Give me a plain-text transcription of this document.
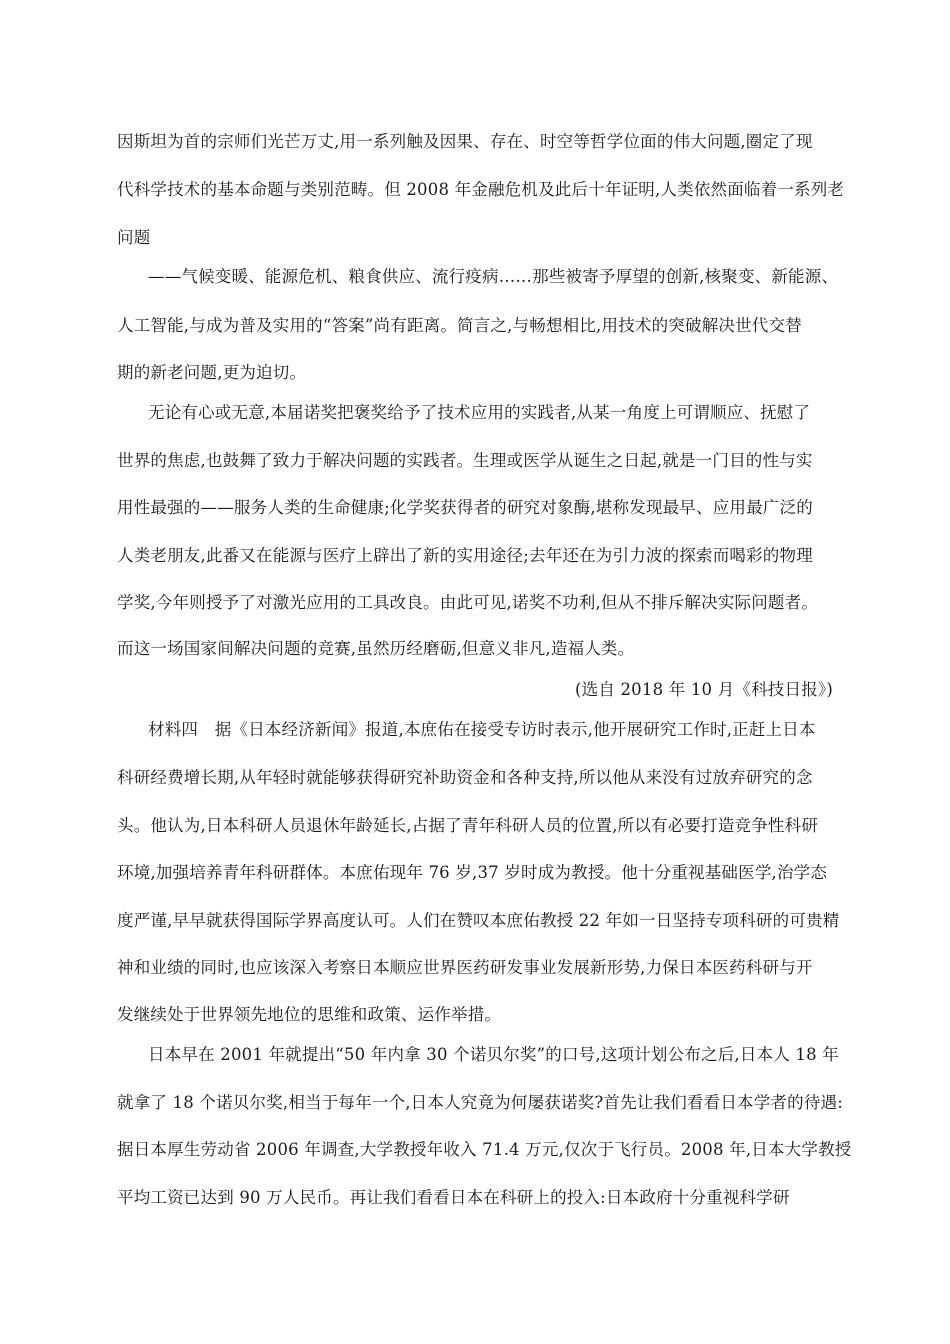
因斯坦为首的宗师们光芒万丈,用一系列触及因果、存在、时空等哲学位面的伟大问题,圈定了现
代科学技术的基本命题与类别范畴。但 2008 年金融危机及此后十年证明,人类依然面临着一系列老
问题
——气候变暖、能源危机、粮食供应、流行疫病……那些被寄予厚望的创新,核聚变、新能源、
人工智能,与成为普及实用的“答案”尚有距离。简言之,与畅想相比,用技术的突破解决世代交替
期的新老问题,更为迫切。
无论有心或无意,本届诺奖把褒奖给予了技术应用的实践者,从某一角度上可谓顺应、抚慰了
世界的焦虑,也鼓舞了致力于解决问题的实践者。生理或医学从诞生之日起,就是一门目的性与实
用性最强的——服务人类的生命健康;化学奖获得者的研究对象酶,堪称发现最早、应用最广泛的
人类老朋友,此番又在能源与医疗上辟出了新的实用途径;去年还在为引力波的探索而喝彩的物理
学奖,今年则授予了对激光应用的工具改良。由此可见,诺奖不功利,但从不排斥解决实际问题者。
而这一场国家间解决问题的竞赛,虽然历经磨砺,但意义非凡,造福人类。
(选自 2018 年 10 月《科技日报》)
材料四　据《日本经济新闻》报道,本庶佑在接受专访时表示,他开展研究工作时,正赶上日本
科研经费增长期,从年轻时就能够获得研究补助资金和各种支持,所以他从来没有过放弃研究的念
头。他认为,日本科研人员退休年龄延长,占据了青年科研人员的位置,所以有必要打造竞争性科研
环境,加强培养青年科研群体。本庶佑现年 76 岁,37 岁时成为教授。他十分重视基础医学,治学态
度严谨,早早就获得国际学界高度认可。人们在赞叹本庶佑教授 22 年如一日坚持专项科研的可贵精
神和业绩的同时,也应该深入考察日本顺应世界医药研发事业发展新形势,力保日本医药科研与开
发继续处于世界领先地位的思维和政策、运作举措。
日本早在 2001 年就提出“50 年内拿 30 个诺贝尔奖”的口号,这项计划公布之后,日本人 18 年
就拿了 18 个诺贝尔奖,相当于每年一个,日本人究竟为何屡获诺奖?首先让我们看看日本学者的待遇:
据日本厚生劳动省 2006 年调查,大学教授年收入 71.4 万元,仅次于飞行员。2008 年,日本大学教授
平均工资已达到 90 万人民币。再让我们看看日本在科研上的投入:日本政府十分重视科学研
